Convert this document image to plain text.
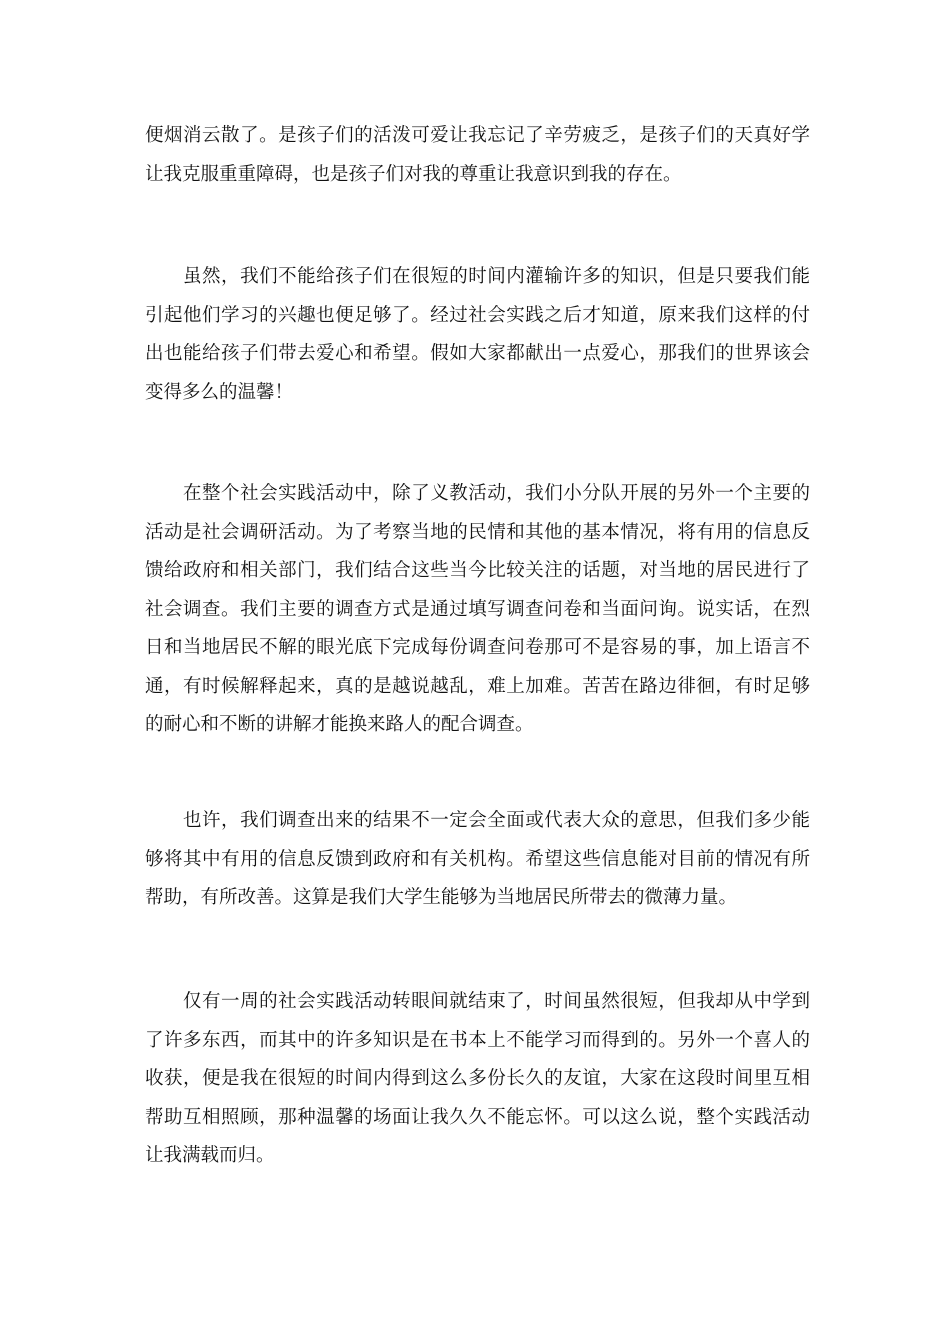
便烟消云散了。是孩子们的活泼可爱让我忘记了辛劳疲乏，是孩子们的天真好学让我克服重重障碍，也是孩子们对我的尊重让我意识到我的存在。

　　虽然，我们不能给孩子们在很短的时间内灌输许多的知识，但是只要我们能引起他们学习的兴趣也便足够了。经过社会实践之后才知道，原来我们这样的付出也能给孩子们带去爱心和希望。假如大家都献出一点爱心，那我们的世界该会变得多么的温馨！

　　在整个社会实践活动中，除了义教活动，我们小分队开展的另外一个主要的活动是社会调研活动。为了考察当地的民情和其他的基本情况，将有用的信息反馈给政府和相关部门，我们结合这些当今比较关注的话题，对当地的居民进行了社会调查。我们主要的调查方式是通过填写调查问卷和当面问询。说实话，在烈日和当地居民不解的眼光底下完成每份调查问卷那可不是容易的事，加上语言不通，有时候解释起来，真的是越说越乱，难上加难。苦苦在路边徘徊，有时足够的耐心和不断的讲解才能换来路人的配合调查。

　　也许，我们调查出来的结果不一定会全面或代表大众的意思，但我们多少能够将其中有用的信息反馈到政府和有关机构。希望这些信息能对目前的情况有所帮助，有所改善。这算是我们大学生能够为当地居民所带去的微薄力量。

　　仅有一周的社会实践活动转眼间就结束了，时间虽然很短，但我却从中学到了许多东西，而其中的许多知识是在书本上不能学习而得到的。另外一个喜人的收获，便是我在很短的时间内得到这么多份长久的友谊，大家在这段时间里互相帮助互相照顾，那种温馨的场面让我久久不能忘怀。可以这么说，整个实践活动让我满载而归。
